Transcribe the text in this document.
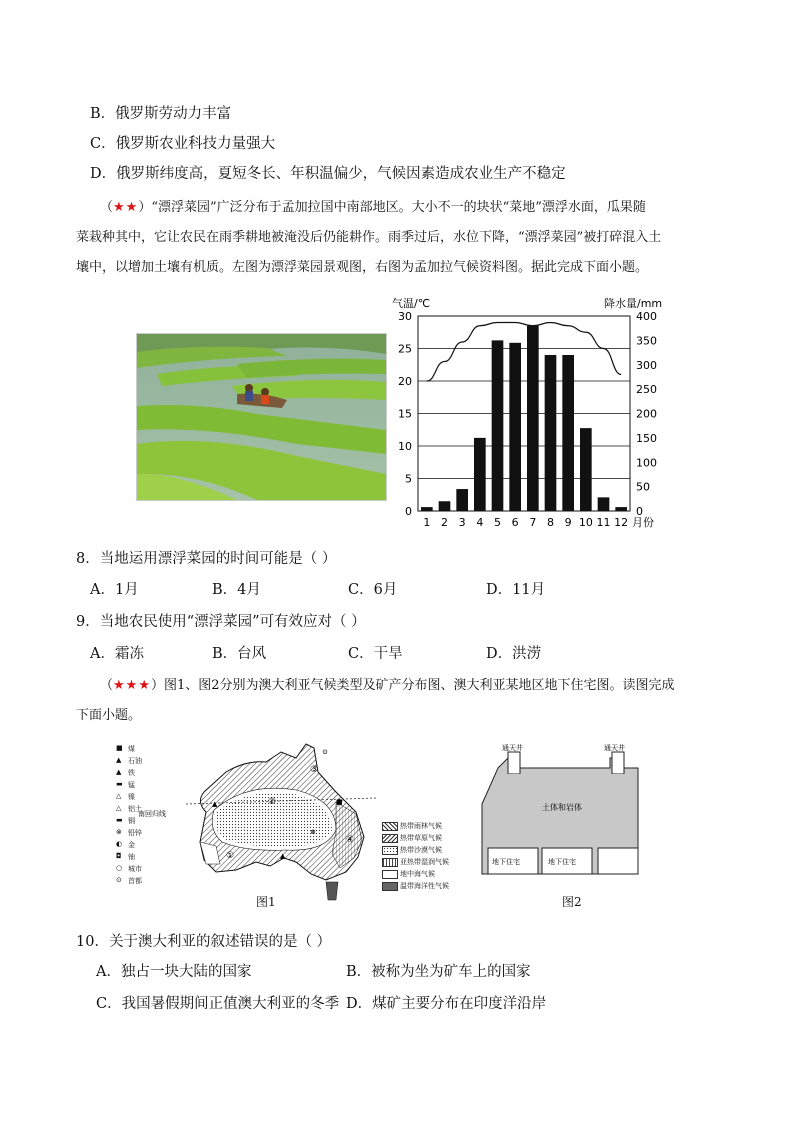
B．俄罗斯劳动力丰富
C．俄罗斯农业科技力量强大
D．俄罗斯纬度高，夏短冬长、年积温偏少，气候因素造成农业生产不稳定
（★★）“漂浮菜园”广泛分布于孟加拉国中南部地区。大小不一的块状“菜地”漂浮水面，瓜果随
菜栽种其中，它让农民在雨季耕地被淹没后仍能耕作。雨季过后，水位下降，“漂浮菜园”被打碎混入土
壤中，以增加土壤有机质。左图为漂浮菜园景观图，右图为孟加拉气候资料图。据此完成下面小题。
气温/℃	降水量/mm
0
5
10
15
20
25
30
0
50
100
150
200
250
300
350
400
1 2 3 4 5 6 7 8 9 10 11 12 月份
8．当地运用漂浮菜园的时间可能是（ ）
A．1月	B．4月	C．6月	D．11月
9．当地农民使用“漂浮菜园”可有效应对（ ）
A．霜冻	B．台风	C．干旱	D．洪涝
（★★★）图1、图2分别为澳大利亚气候类型及矿产分布图、澳大利亚某地区地下住宅图。读图完成
下面小题。
■ 煤
▲ 石油
▲ 铁
▬ 锰
△ 镍
△ 铝土
▬ 铜
⊗ 铅锌
◐ 金
◘ 铀
○ 城市
⊙ 首都
南回归线
①
②
③
④
⊙
■
▲
▲
⊗
热带雨林气候
热带草原气候
热带沙漠气候
亚热带湿润气候
地中海气候
温带海洋性气候
图1
通天井	通天井
土体和岩体
地下住宅	地下住宅
图2
10．关于澳大利亚的叙述错误的是（ ）
A．独占一块大陆的国家	B．被称为坐为矿车上的国家
C．我国暑假期间正值澳大利亚的冬季 D．煤矿主要分布在印度洋沿岸
